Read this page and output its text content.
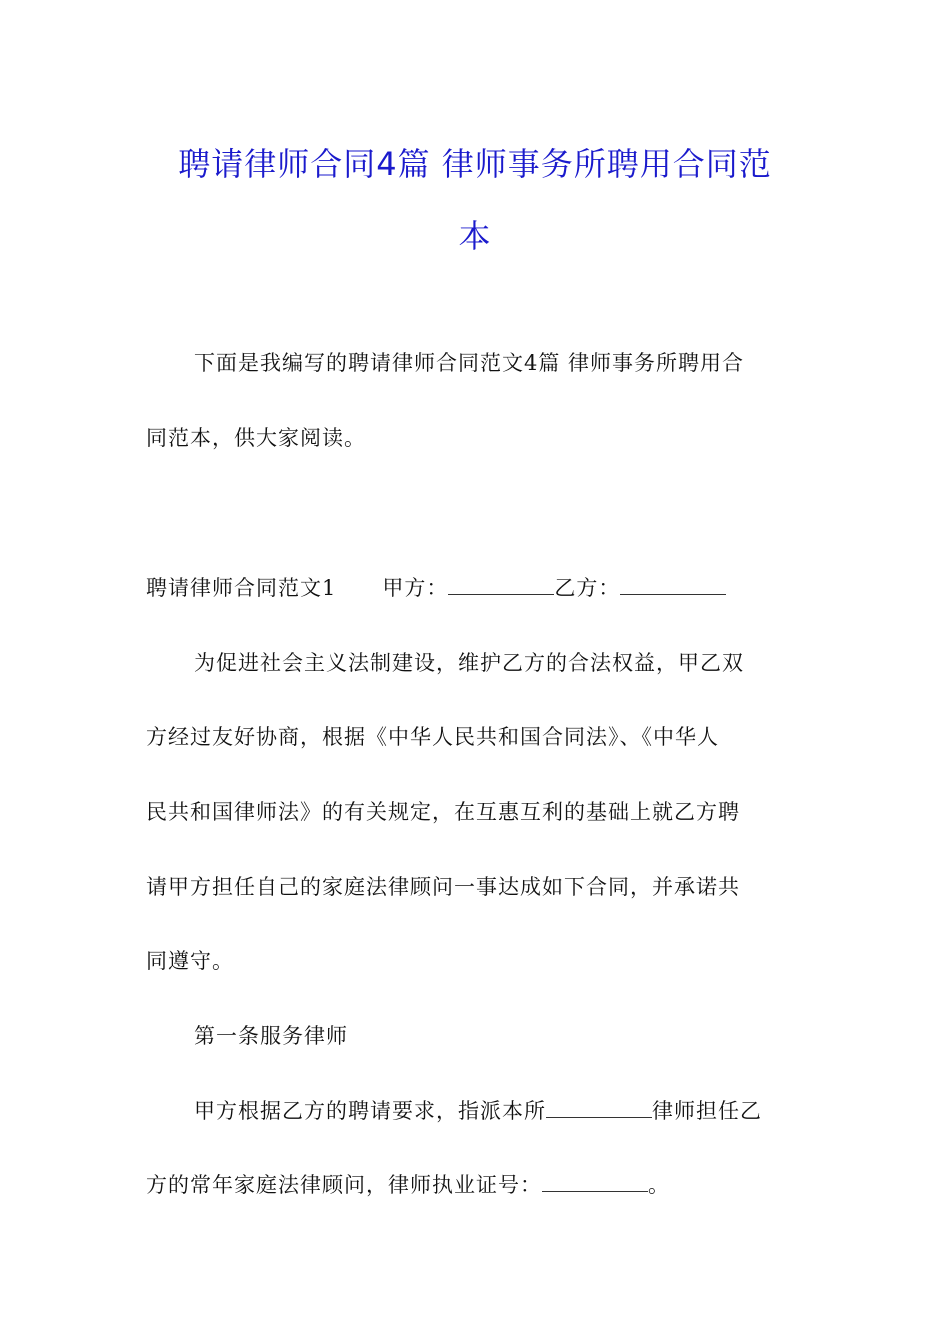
聘请律师合同4篇 律师事务所聘用合同范
本
下面是我编写的聘请律师合同范文4篇 律师事务所聘用合
同范本，供大家阅读。
聘请律师合同范文1 甲方：	乙方：
为促进社会主义法制建设，维护乙方的合法权益，甲乙双
方经过友好协商，根据《中华人民共和国合同法》、《中华人
民共和国律师法》的有关规定，在互惠互利的基础上就乙方聘
请甲方担任自己的家庭法律顾问一事达成如下合同，并承诺共
同遵守。
第一条服务律师
甲方根据乙方的聘请要求，指派本所	律师担任乙
方的常年家庭法律顾问，律师执业证号：	。
